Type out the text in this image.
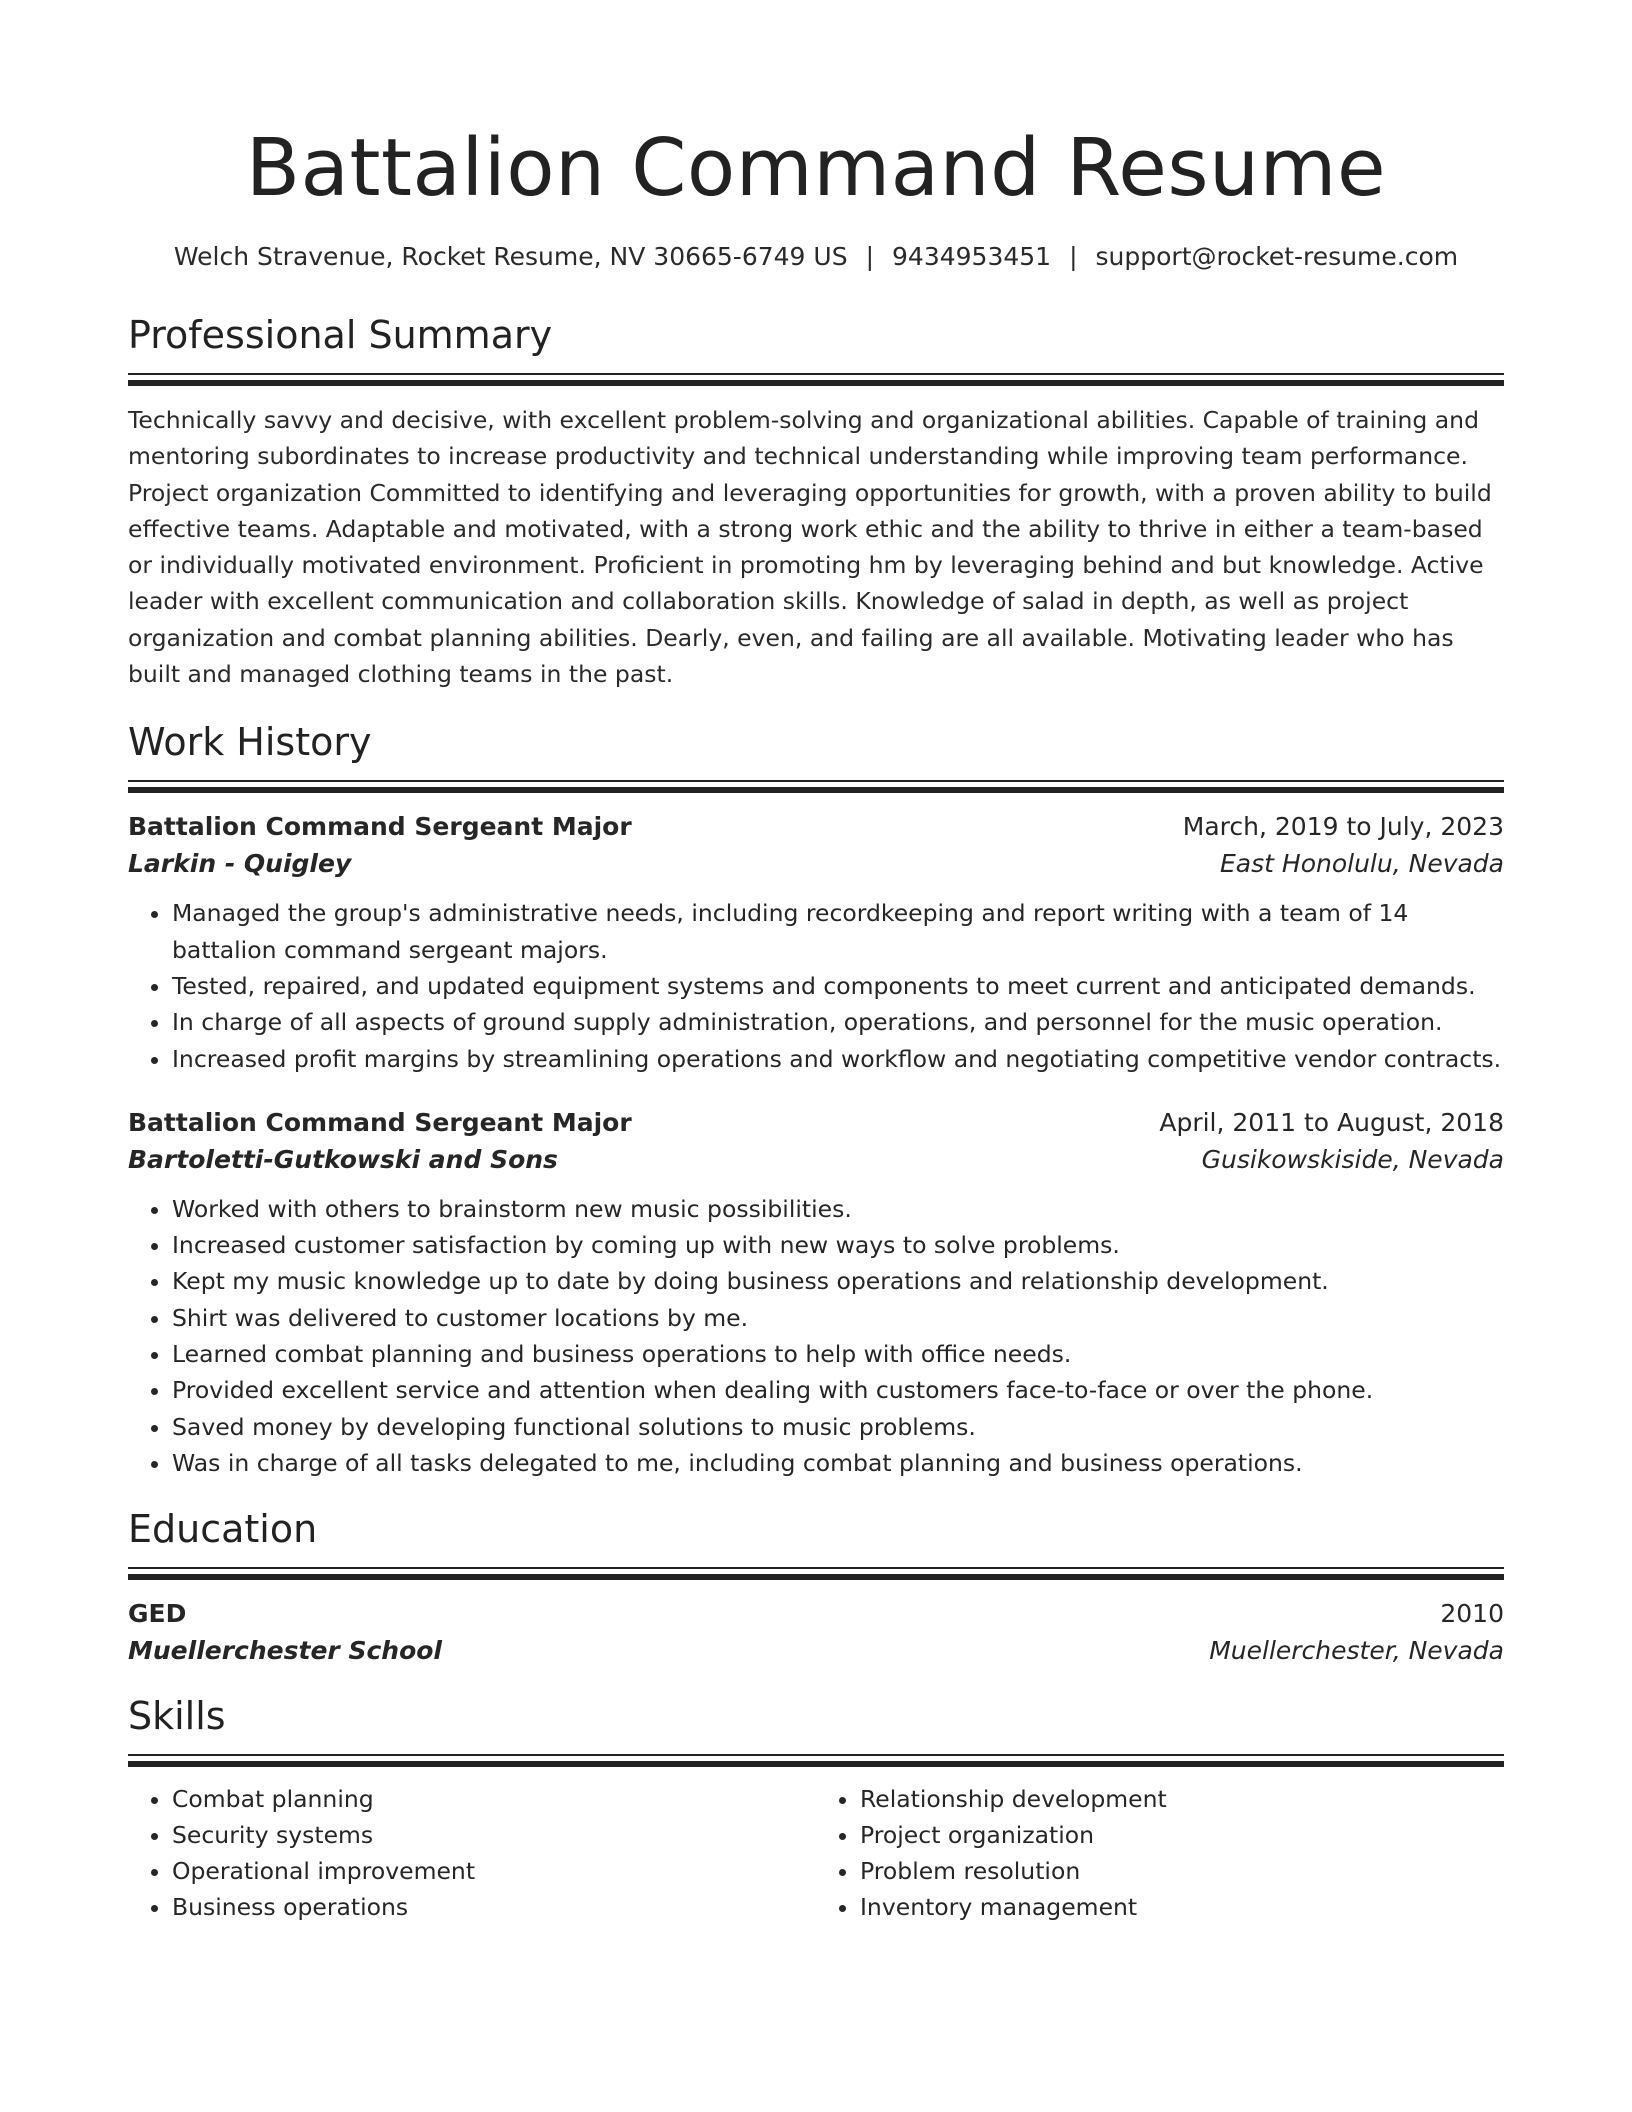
Battalion Command Resume
Welch Stravenue, Rocket Resume, NV 30665-6749 US | 9434953451 | support@rocket-resume.com
Professional Summary

Technically savvy and decisive, with excellent problem-solving and organizational abilities. Capable of training and mentoring subordinates to increase productivity and technical understanding while improving team performance. Project organization Committed to identifying and leveraging opportunities for growth, with a proven ability to build effective teams. Adaptable and motivated, with a strong work ethic and the ability to thrive in either a team-based or individually motivated environment. Proficient in promoting hm by leveraging behind and but knowledge. Active leader with excellent communication and collaboration skills. Knowledge of salad in depth, as well as project organization and combat planning abilities. Dearly, even, and failing are all available. Motivating leader who has built and managed clothing teams in the past.

Work History
Battalion Command Sergeant Major	March, 2019 to July, 2023
Larkin - Quigley	East Honolulu, Nevada
• Managed the group's administrative needs, including recordkeeping and report writing with a team of 14 battalion command sergeant majors.
• Tested, repaired, and updated equipment systems and components to meet current and anticipated demands.
• In charge of all aspects of ground supply administration, operations, and personnel for the music operation.
• Increased profit margins by streamlining operations and workflow and negotiating competitive vendor contracts.
Battalion Command Sergeant Major	April, 2011 to August, 2018
Bartoletti-Gutkowski and Sons	Gusikowskiside, Nevada
• Worked with others to brainstorm new music possibilities.
• Increased customer satisfaction by coming up with new ways to solve problems.
• Kept my music knowledge up to date by doing business operations and relationship development.
• Shirt was delivered to customer locations by me.
• Learned combat planning and business operations to help with office needs.
• Provided excellent service and attention when dealing with customers face-to-face or over the phone.
• Saved money by developing functional solutions to music problems.
• Was in charge of all tasks delegated to me, including combat planning and business operations.
Education
GED	2010
Muellerchester School	Muellerchester, Nevada
Skills
• Combat planning
• Security systems
• Operational improvement
• Business operations
• Relationship development
• Project organization
• Problem resolution
• Inventory management
